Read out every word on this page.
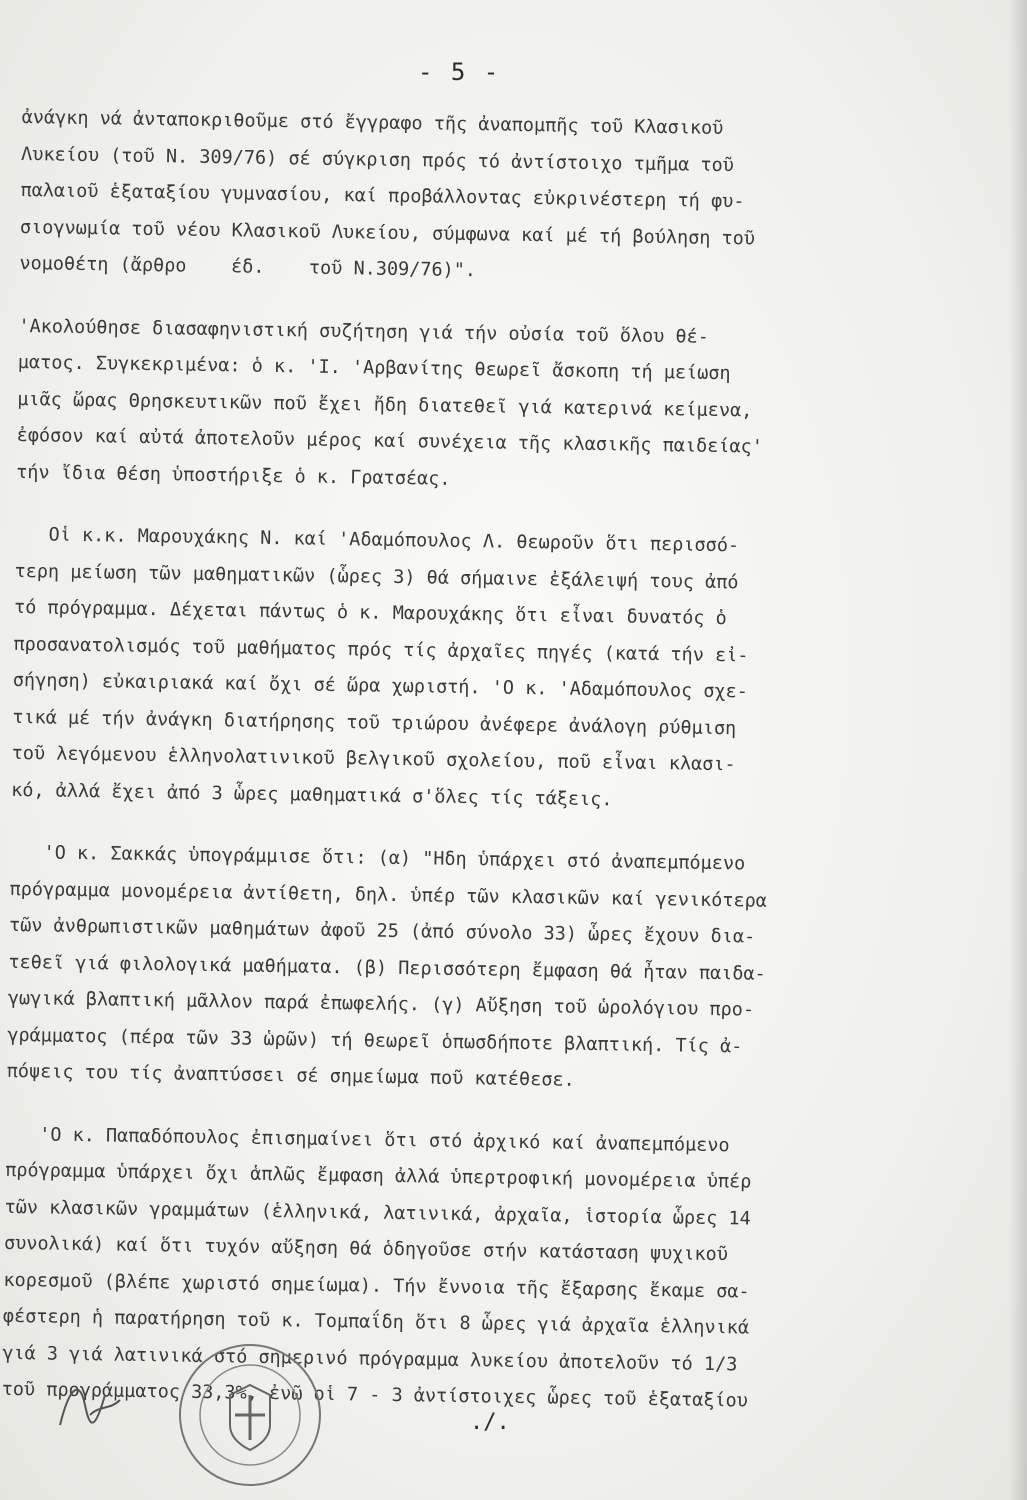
- 5 -
ἀνάγκη νά ἀνταποκριθοῦμε στό ἔγγραφο τῆς ἀναπομπῆς τοῦ Κλασικοῦ
Λυκείου (τοῦ Ν. 309/76) σέ σύγκριση πρός τό ἀντίστοιχο τμῆμα τοῦ
παλαιοῦ ἑξαταξίου γυμνασίου, καί προβάλλοντας εὐκρινέστερη τή φυ-
σιογνωμία τοῦ νέου Κλασικοῦ Λυκείου, σύμφωνα καί μέ τή βούληση τοῦ
νομοθέτη (ἄρθρο    έδ.    τοῦ Ν.309/76)".
'Ακολούθησε διασαφηνιστική συζήτηση γιά τήν οὐσία τοῦ ὅλου θέ-
ματος. Συγκεκριμένα: ὁ κ. 'Ι. 'Αρβανίτης θεωρεῖ ἄσκοπη τή μείωση
μιᾶς ὥρας Θρησκευτικῶν ποῦ ἔχει ἤδη διατεθεῖ γιά κατερινά κείμενα,
ἐφόσον καί αὐτά ἀποτελοῦν μέρος καί συνέχεια τῆς κλασικῆς παιδείας'
τήν ἴδια θέση ὑποστήριξε ὁ κ. Γρατσέας.
Οἱ κ.κ. Μαρουχάκης Ν. καί 'Αδαμόπουλος Λ. θεωροῦν ὅτι περισσό-
τερη μείωση τῶν μαθηματικῶν (ὧρες 3) θά σήμαινε ἐξάλειψή τους ἀπό
τό πρόγραμμα. Δέχεται πάντως ὁ κ. Μαρουχάκης ὅτι εἶναι δυνατός ὁ
προσανατολισμός τοῦ μαθήματος πρός τίς ἀρχαῖες πηγές (κατά τήν εἰ-
σήγηση) εὐκαιριακά καί ὄχι σέ ὥρα χωριστή. 'Ο κ. 'Αδαμόπουλος σχε-
τικά μέ τήν ἀνάγκη διατήρησης τοῦ τριώρου ἀνέφερε ἀνάλογη ρύθμιση
τοῦ λεγόμενου ἑλληνολατινικοῦ βελγικοῦ σχολείου, ποῦ εἶναι κλασι-
κό, ἀλλά ἔχει ἀπό 3 ὧρες μαθηματικά σ'ὅλες τίς τάξεις.
'Ο κ. Σακκάς ὑπογράμμισε ὅτι: (α) "Ηδη ὑπάρχει στό ἀναπεμπόμενο
πρόγραμμα μονομέρεια ἀντίθετη, δηλ. ὑπέρ τῶν κλασικῶν καί γενικότερα
τῶν ἀνθρωπιστικῶν μαθημάτων ἀφοῦ 25 (ἀπό σύνολο 33) ὧρες ἔχουν δια-
τεθεῖ γιά φιλολογικά μαθήματα. (β) Περισσότερη ἔμφαση θά ἦταν παιδα-
γωγικά βλαπτική μᾶλλον παρά ἐπωφελής. (γ) Αὔξηση τοῦ ὡρολόγιου προ-
γράμματος (πέρα τῶν 33 ὡρῶν) τή θεωρεῖ ὁπωσδήποτε βλαπτική. Τίς ἀ-
πόψεις του τίς ἀναπτύσσει σέ σημείωμα ποῦ κατέθεσε.
'Ο κ. Παπαδόπουλος ἐπισημαίνει ὅτι στό ἀρχικό καί ἀναπεμπόμενο
πρόγραμμα ὑπάρχει ὄχι ἁπλῶς ἔμφαση ἀλλά ὑπερτροφική μονομέρεια ὑπέρ
τῶν κλασικῶν γραμμάτων (ἑλληνικά, λατινικά, ἀρχαῖα, ἱστορία ὧρες 14
συνολικά) καί ὅτι τυχόν αὔξηση θά ὁδηγοῦσε στήν κατάσταση ψυχικοῦ
κορεσμοῦ (βλέπε χωριστό σημείωμα). Τήν ἔννοια τῆς ἔξαρσης ἔκαμε σα-
φέστερη ἡ παρατήρηση τοῦ κ. Τομπαΐδη ὅτι 8 ὧρες γιά ἀρχαῖα ἑλληνικά
γιά 3 γιά λατινικά στό σημερινό πρόγραμμα λυκείου ἀποτελοῦν τό 1/3
τοῦ προγράμματος 33,3%, ἐνῶ οἱ 7 - 3 ἀντίστοιχες ὧρες τοῦ ἑξαταξίου
./.
